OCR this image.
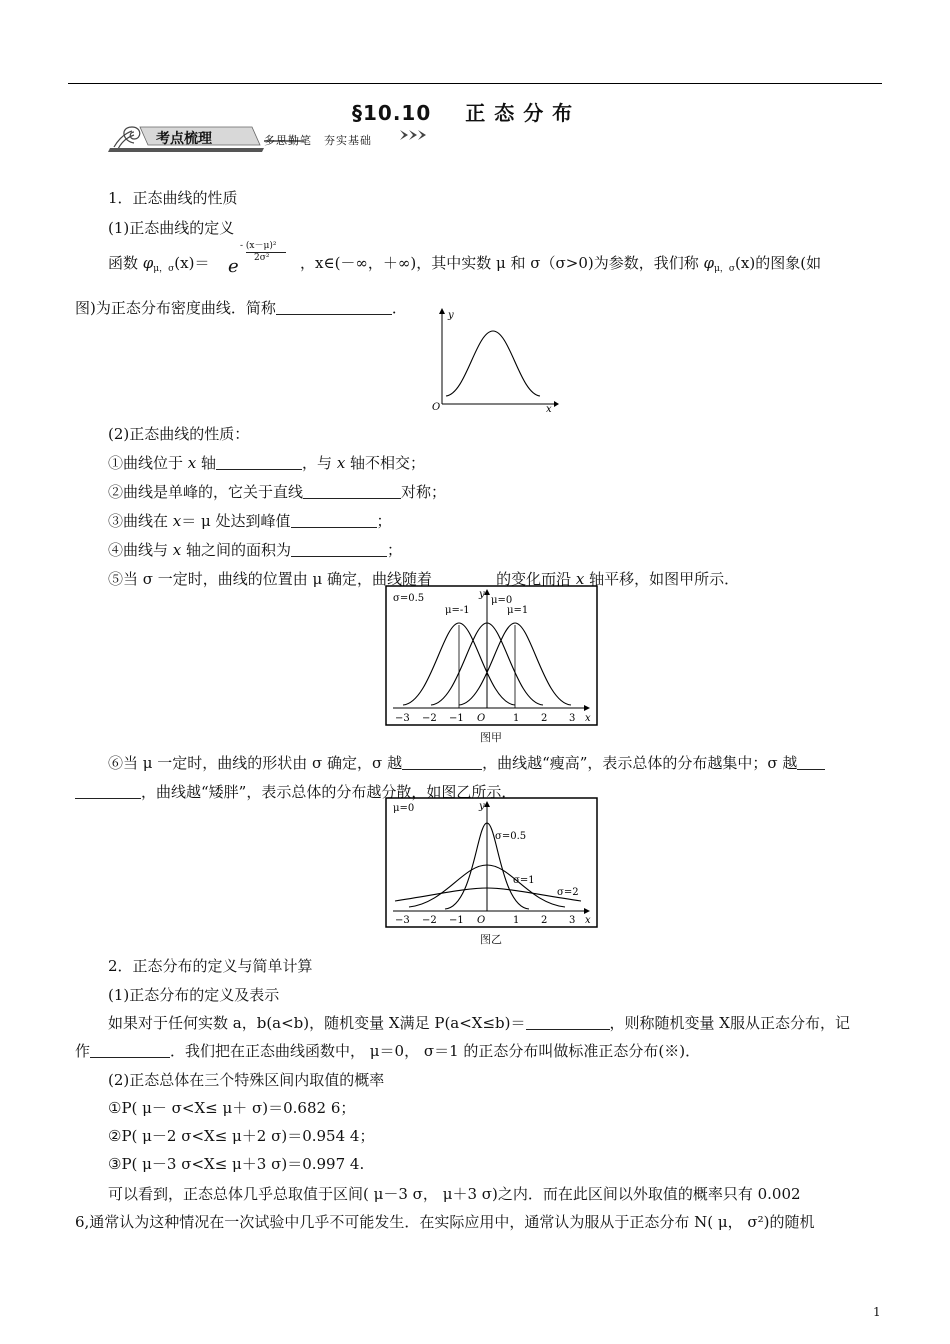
§10.10 正 态 分 布
考点梳理	多思勤笔　夯实基础
1．正态曲线的性质
(1)正态曲线的定义
函数 $\varphi_{\mu,\sigma}(x)= e$
- (x－μ)²
2σ²	，x∈(－∞，＋∞)，其中实数 μ 和 σ（σ>0)为参数，我们称 $\varphi_{\mu,\sigma}(x)$的图象(如
图)为正态分布密度曲线．简称	．	y
O	x
(2)正态曲线的性质：
①曲线位于 x 轴	，与 x 轴不相交；
②曲线是单峰的，它关于直线	对称；
③曲线在 x＝ μ 处达到峰值	；
④曲线与 x 轴之间的面积为	；
⑤当 σ 一定时，曲线的位置由 μ 确定，曲线随着	的变化而沿 x 轴平移，如图甲所示．
σ=0.5
μ=-1
μ=0
μ=1
y
x
−3 −2 −1 O	1 2 3
图甲
⑥当 μ 一定时，曲线的形状由 σ 确定，σ 越	，曲线越“瘦高”，表示总体的分布越集中；σ 越
，曲线越“矮胖”，表示总体的分布越分散，如图乙所示．
μ=0
σ=0.5
σ=1
σ=2
y
x
−3 −2 −1 O	1 2 3
图乙
2．正态分布的定义与简单计算
(1)正态分布的定义及表示
如果对于任何实数 a，b(a<b)，随机变量 X满足 P(a<X≤b)＝	，则称随机变量 X服从正态分布，记
作	．我们把在正态曲线函数中， μ＝0， σ＝1 的正态分布叫做标准正态分布(※)．
(2)正态总体在三个特殊区间内取值的概率
①P( μ－ σ<X≤ μ＋ σ)＝0.682 6；
②P( μ－2 σ<X≤ μ＋2 σ)＝0.954 4；
③P( μ－3 σ<X≤ μ＋3 σ)＝0.997 4.
可以看到，正态总体几乎总取值于区间( μ－3 σ， μ＋3 σ)之内．而在此区间以外取值的概率只有 0.002
6,通常认为这种情况在一次试验中几乎不可能发生．在实际应用中，通常认为服从于正态分布 N( μ， σ²)的随机
1
